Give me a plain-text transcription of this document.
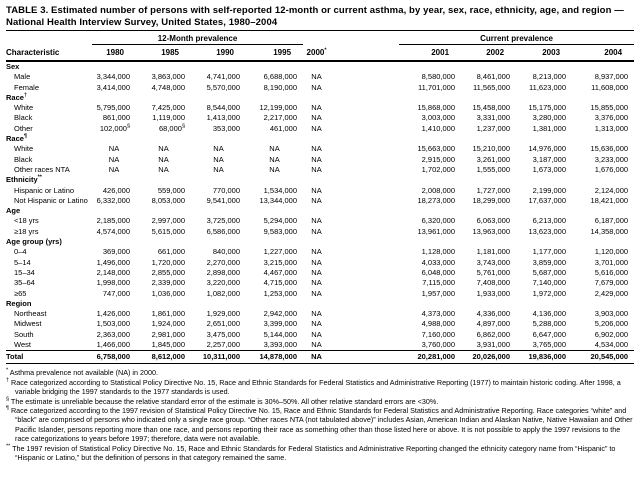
TABLE 3. Estimated number of persons with self-reported 12-month or current asthma, by year, sex, race, ethnicity, age, and region — National Health Interview Survey, United States, 1980–2004

	12-Month prevalence						Current prevalence			

Characteristic	1980	1985	1990	1995	2000*		2001	2002	2003	2004
Sex										
Male	3,344,000	3,863,000	4,741,000	6,688,000	NA		8,580,000	8,461,000	8,213,000	8,937,000
Female	3,414,000	4,748,000	5,570,000	8,190,000	NA		11,701,000	11,565,000	11,623,000	11,608,000
Race†
White	5,795,000	7,425,000	8,544,000	12,199,000	NA		15,868,000	15,458,000	15,175,000	15,855,000
Black	861,000	1,119,000	1,413,000	2,217,000	NA		3,003,000	3,331,000	3,280,000	3,376,000
Other	102,000§	68,000§	353,000	461,000	NA		1,410,000	1,237,000	1,381,000	1,313,000
Race¶
White	NA	NA	NA	NA	NA		15,663,000	15,210,000	14,976,000	15,636,000
Black	NA	NA	NA	NA	NA		2,915,000	3,261,000	3,187,000	3,233,000
Other races NTA	NA	NA	NA	NA	NA		1,702,000	1,555,000	1,673,000	1,676,000
Ethnicity**
Hispanic or Latino	426,000	559,000	770,000	1,534,000	NA		2,008,000	1,727,000	2,199,000	2,124,000
Not Hispanic or Latino	6,332,000	8,053,000	9,541,000	13,344,000	NA		18,273,000	18,299,000	17,637,000	18,421,000
Age										
<18 yrs	2,185,000	2,997,000	3,725,000	5,294,000	NA		6,320,000	6,063,000	6,213,000	6,187,000
≥18 yrs	4,574,000	5,615,000	6,586,000	9,583,000	NA		13,961,000	13,963,000	13,623,000	14,358,000
Age group (yrs)										
0–4	369,000	661,000	840,000	1,227,000	NA		1,128,000	1,181,000	1,177,000	1,120,000
5–14	1,496,000	1,720,000	2,270,000	3,215,000	NA		4,033,000	3,743,000	3,859,000	3,701,000
15–34	2,148,000	2,855,000	2,898,000	4,467,000	NA		6,048,000	5,761,000	5,687,000	5,616,000
35–64	1,998,000	2,339,000	3,220,000	4,715,000	NA		7,115,000	7,408,000	7,140,000	7,679,000
≥65	747,000	1,036,000	1,082,000	1,253,000	NA		1,957,000	1,933,000	1,972,000	2,429,000
Region										
Northeast	1,426,000	1,861,000	1,929,000	2,942,000	NA		4,373,000	4,336,000	4,136,000	3,903,000
Midwest	1,503,000	1,924,000	2,651,000	3,399,000	NA		4,988,000	4,897,000	5,288,000	5,206,000
South	2,363,000	2,981,000	3,475,000	5,144,000	NA		7,160,000	6,862,000	6,647,000	6,902,000
West	1,466,000	1,845,000	2,257,000	3,393,000	NA		3,760,000	3,931,000	3,765,000	4,534,000
Total	6,758,000	8,612,000	10,311,000	14,878,000	NA		20,281,000	20,026,000	19,836,000	20,545,000
* Asthma prevalence not available (NA) in 2000.
† Race categorized according to Statistical Policy Directive No. 15, Race and Ethnic Standards for Federal Statistics and Administrative Reporting (1977) to maintain historic coding. After 1998, a variable bridging the 1997 standards to the 1977 standards is used.
§ The estimate is unreliable because the relative standard error of the estimate is 30%–50%. All other relative standard errors are <30%.
¶ Race categorized according to the 1997 revision of Statistical Policy Directive No. 15, Race and Ethnic Standards for Federal Statistics and Administrative Reporting. Race categories “white” and “black” are comprised of persons who indicated only a single race group. “Other races NTA (not tabulated above)” includes Asian, American Indian and Alaskan Native, Native Hawaiian and Other Pacific Islander, persons reporting more than one race, and persons reporting their race as something other than those listed here or above. It is not possible to apply the 1997 revisions to the race categorizations to years before 1997; therefore, data were not available.
** The 1997 revision of Statistical Policy Directive No. 15, Race and Ethnic Standards for Federal Statistics and Administrative Reporting changed the ethnicity category name from “Hispanic” to “Hispanic or Latino,” but the definition of persons in that category remained the same.
